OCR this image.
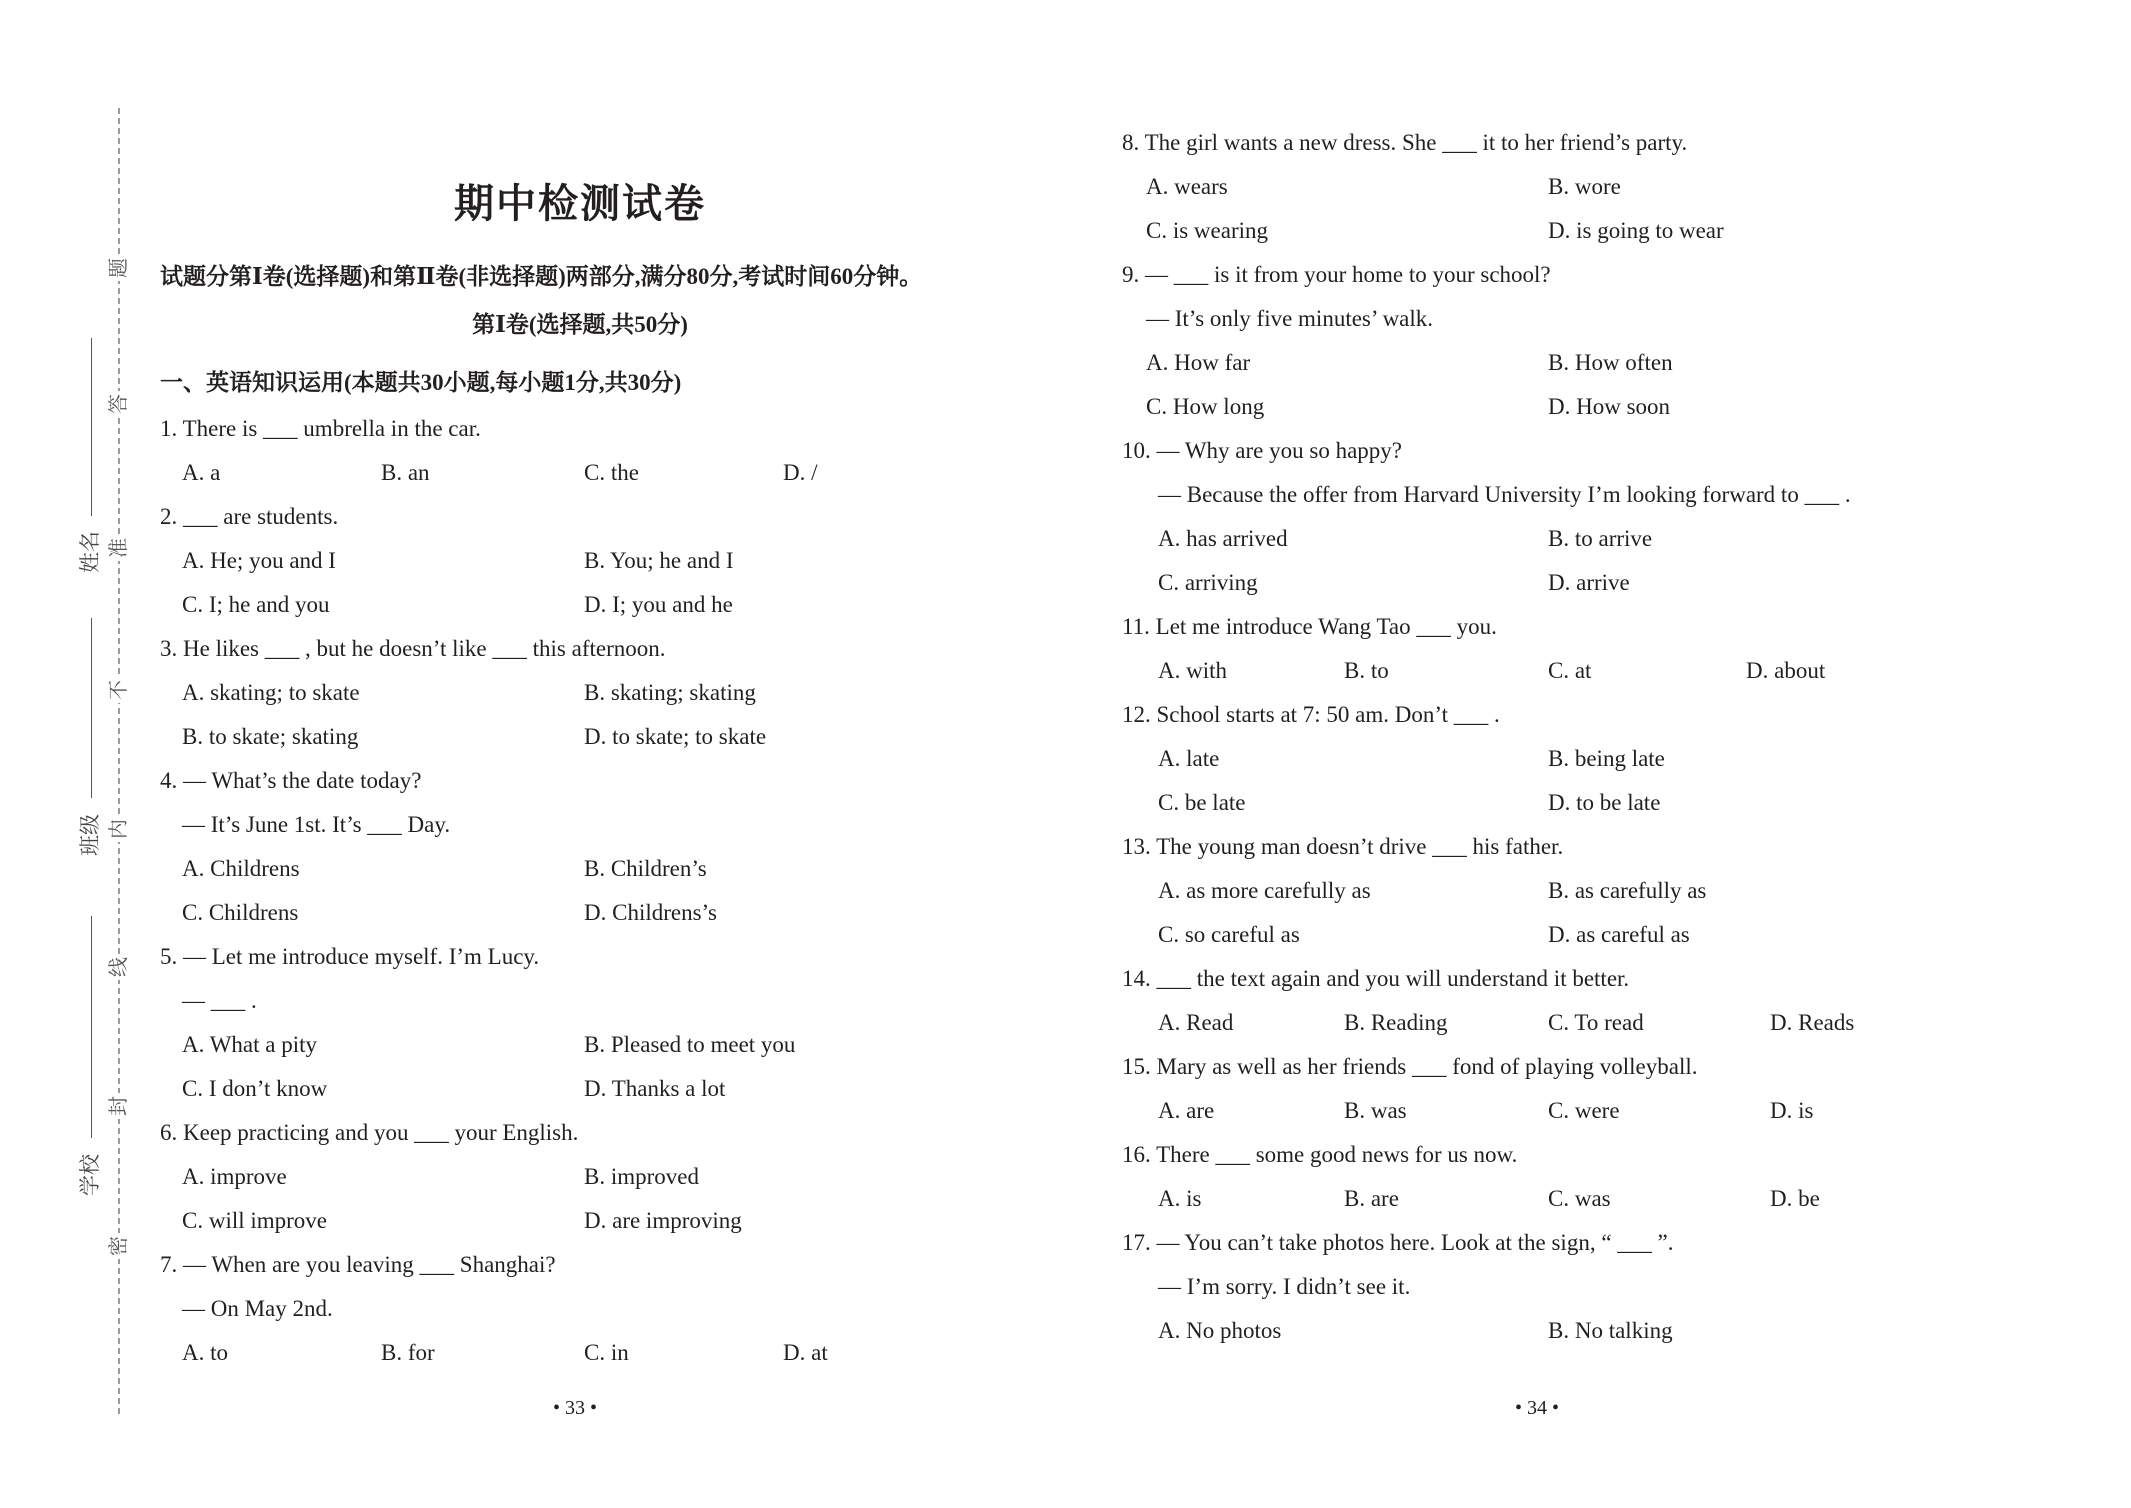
题
答
准
不
内
线
封
密
姓名
班级
学校
期中检测试卷
试题分第Ⅰ卷(选择题)和第Ⅱ卷(非选择题)两部分,满分80分,考试时间60分钟。
第Ⅰ卷(选择题,共50分)
一、英语知识运用(本题共30小题,每小题1分,共30分)
1. There is ___ umbrella in the car.
A. a	B. an	C. the	D. /
2. ___ are students.
A. He; you and I	B. You; he and I
C. I; he and you	D. I; you and he
3. He likes ___ , but he doesn’t like ___ this afternoon.
A. skating; to skate	B. skating; skating
B. to skate; skating	D. to skate; to skate
4. — What’s the date today?
— It’s June 1st. It’s ___ Day.
A. Childrens	B. Children’s
C. Childrens	D. Childrens’s
5. — Let me introduce myself. I’m Lucy.
— ___ .
A. What a pity	B. Pleased to meet you
C. I don’t know	D. Thanks a lot
6. Keep practicing and you ___ your English.
A. improve	B. improved
C. will improve	D. are improving
7. — When are you leaving ___ Shanghai?
— On May 2nd.
A. to	B. for	C. in	D. at
• 33 •
8. The girl wants a new dress. She ___ it to her friend’s party.
A. wears	B. wore
C. is wearing	D. is going to wear
9. — ___ is it from your home to your school?
— It’s only five minutes’ walk.
A. How far	B. How often
C. How long	D. How soon
10. — Why are you so happy?
— Because the offer from Harvard University I’m looking forward to ___ .
A. has arrived	B. to arrive
C. arriving	D. arrive
11. Let me introduce Wang Tao ___ you.
A. with	B. to	C. at	D. about
12. School starts at 7: 50 am. Don’t ___ .
A. late	B. being late
C. be late	D. to be late
13. The young man doesn’t drive ___ his father.
A. as more carefully as	B. as carefully as
C. so careful as	D. as careful as
14. ___ the text again and you will understand it better.
A. Read	B. Reading	C. To read	D. Reads
15. Mary as well as her friends ___ fond of playing volleyball.
A. are	B. was	C. were	D. is
16. There ___ some good news for us now.
A. is	B. are	C. was	D. be
17. — You can’t take photos here. Look at the sign, “ ___ ”.
— I’m sorry. I didn’t see it.
A. No photos	B. No talking
• 34 •
